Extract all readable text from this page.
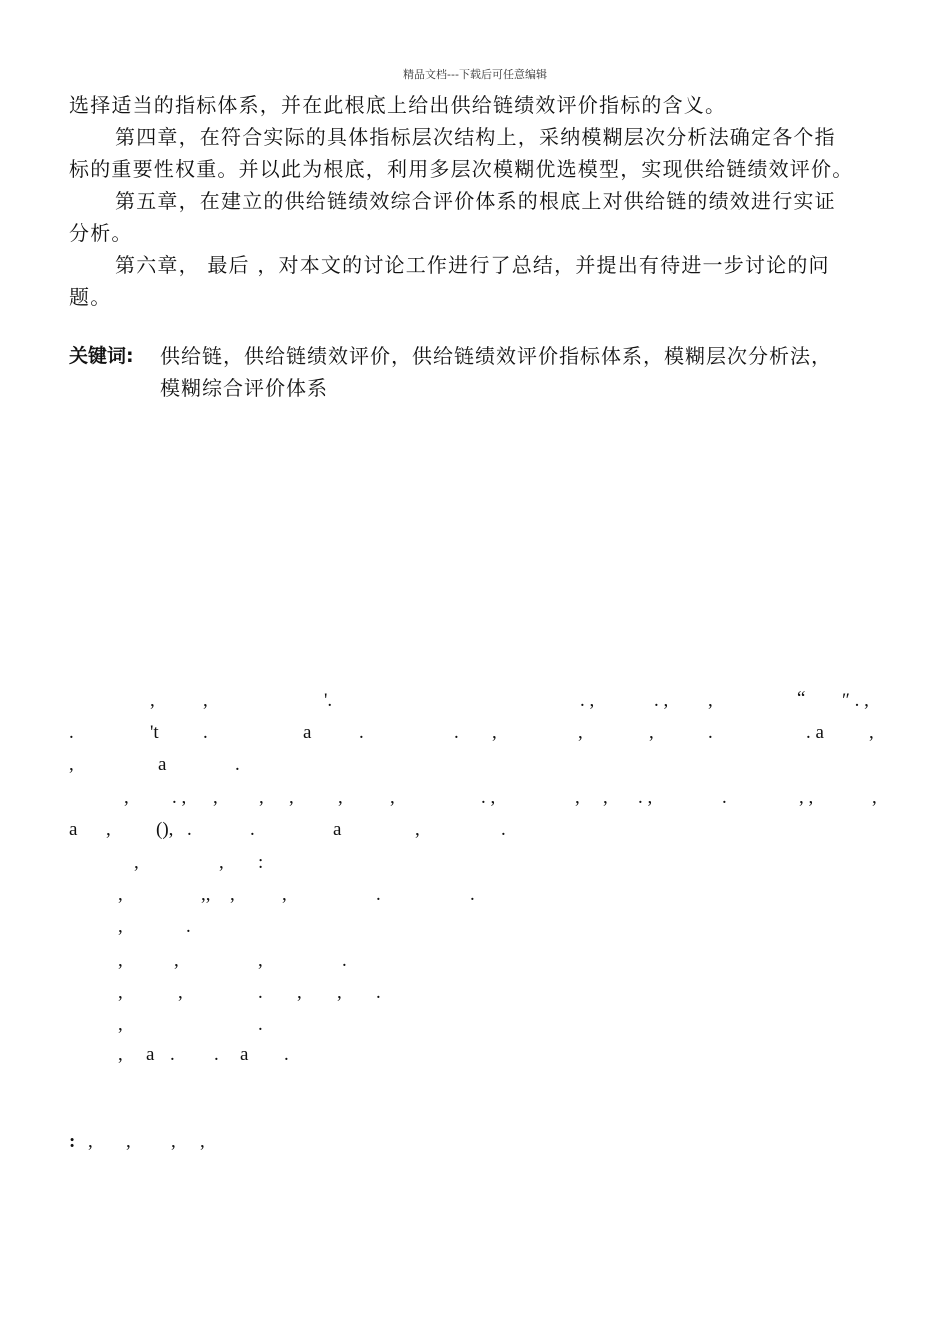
精品文档---下载后可任意编辑
选择适当的指标体系，并在此根底上给出供给链绩效评价指标的含义。
第四章，在符合实际的具体指标层次结构上，采纳模糊层次分析法确定各个指
标的重要性权重。并以此为根底，利用多层次模糊优选模型，实现供给链绩效评价。
第五章，在建立的供给链绩效综合评价体系的根底上对供给链的绩效进行实证
分析。
第六章， 最后 ，对本文的讨论工作进行了总结，并提出有待进一步讨论的问
题。
关键词: 供给链，供给链绩效评价，供给链绩效评价指标体系，模糊层次分析法，
模糊综合评价体系
,	,	'.	. ,	. , ,	“ ″ . ,
.	't .	a	.	. ,	,	,	.	. a ,
,	a	.
, . , , , , , ,	. ,	, , . ,	.	, ,	,
a , (), .	.	a	,	.
,	, :
,	,, , ,	.	.
,	.
,	,	,	.
,	,	. , , .
,	.
, a . . a .
: , , , ,
